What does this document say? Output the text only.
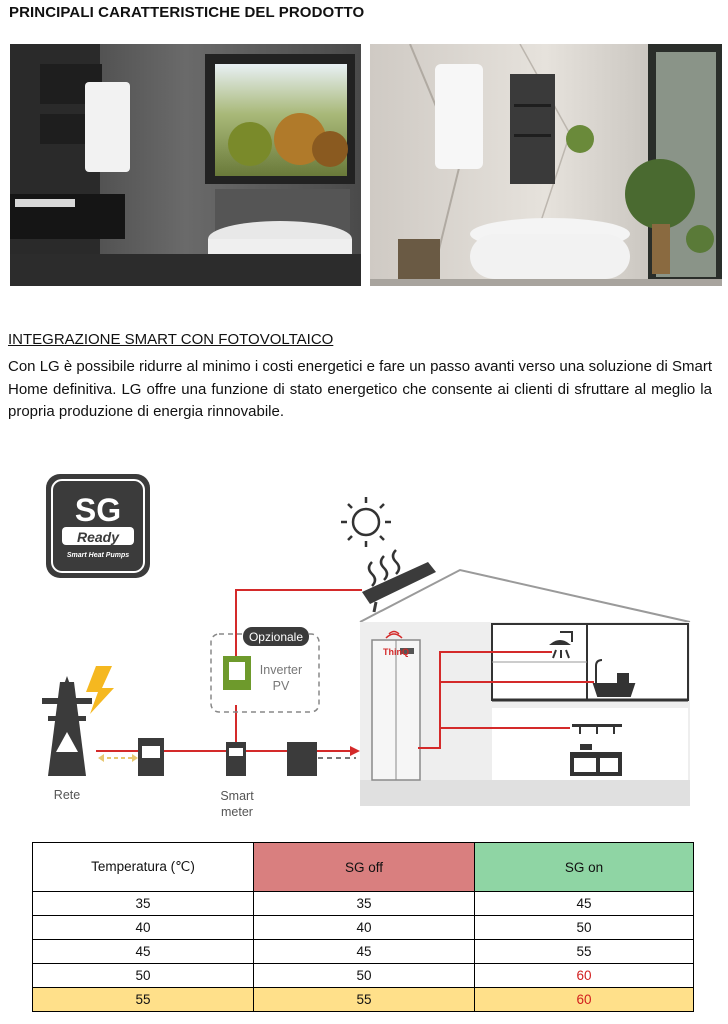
PRINCIPALI CARATTERISTICHE DEL PRODOTTO
INTEGRAZIONE SMART CON FOTOVOLTAICO
Con LG è possibile ridurre al minimo i costi energetici e fare un passo avanti verso una soluzione di Smart Home definitiva. LG offre una funzione di stato energetico che consente ai clienti di sfruttare al meglio la propria produzione di energia rinnovabile.
SG
Ready
Smart Heat Pumps
Opzionale
Inverter PV
ThinQ
Rete	Smart meter
Temperatura (℃)	SG off	SG on
35	35	45
40	40	50
45	45	55
50	50	60
55	55	60
